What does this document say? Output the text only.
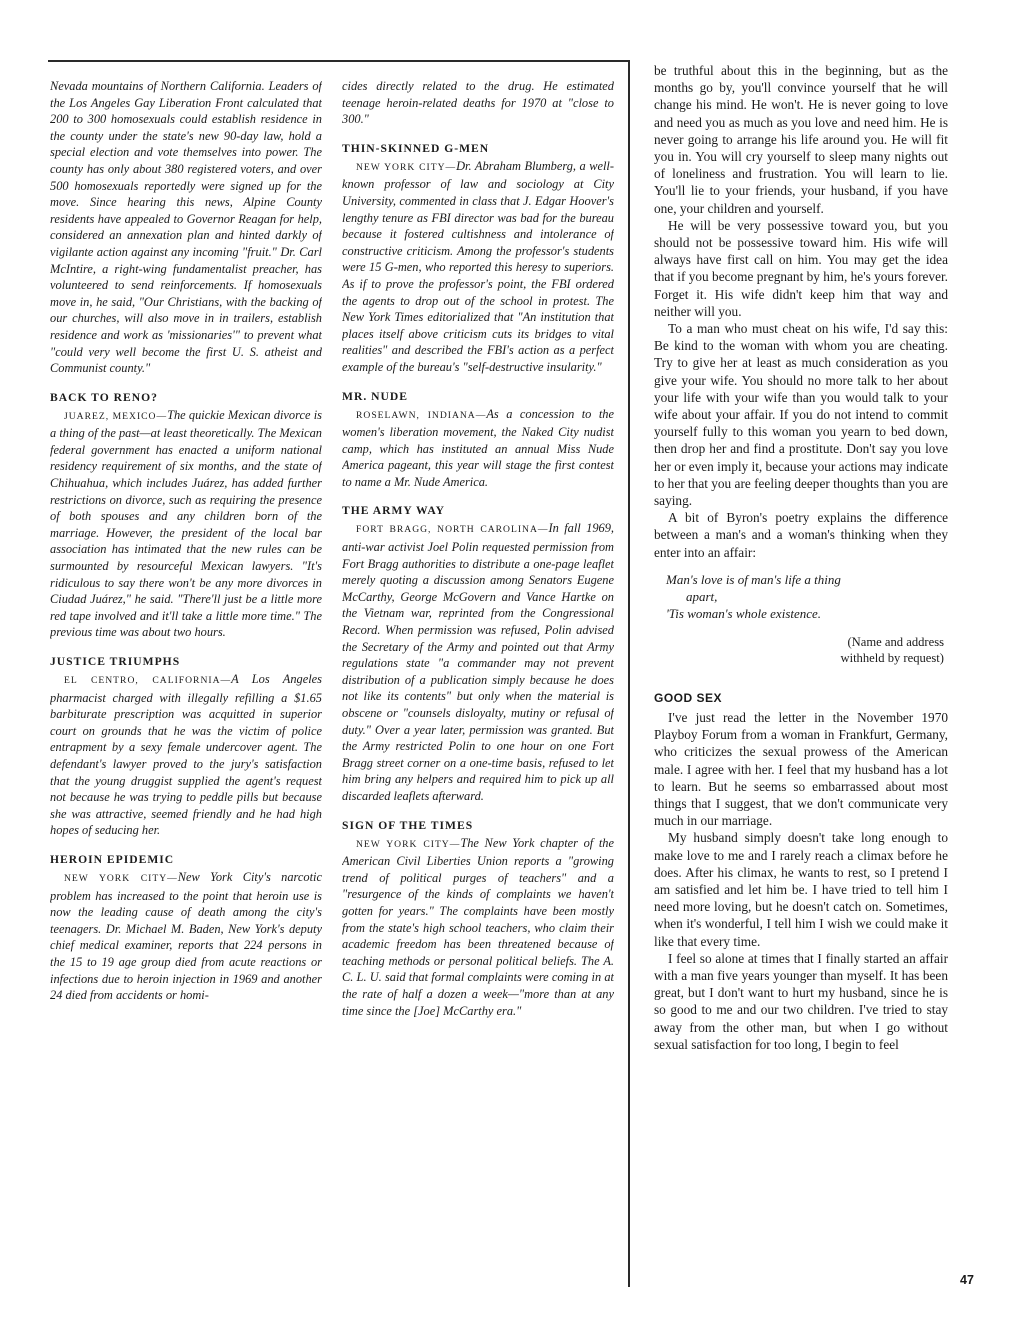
Nevada mountains of Northern California. Leaders of the Los Angeles Gay Liberation Front calculated that 200 to 300 homosexuals could establish residence in the county under the state's new 90-day law, hold a special election and vote themselves into power. The county has only about 380 registered voters, and over 500 homosexuals reportedly were signed up for the move. Since hearing this news, Alpine County residents have appealed to Governor Reagan for help, considered an annexation plan and hinted darkly of vigilante action against any incoming "fruit." Dr. Carl McIntire, a right-wing fundamentalist preacher, has volunteered to send reinforcements. If homosexuals move in, he said, "Our Christians, with the backing of our churches, will also move in in trailers, establish residence and work as 'missionaries'" to prevent what "could very well become the first U. S. atheist and Communist county."

BACK TO RENO?

JUAREZ, MEXICO—The quickie Mexican divorce is a thing of the past—at least theoretically. The Mexican federal government has enacted a uniform national residency requirement of six months, and the state of Chihuahua, which includes Juárez, has added further restrictions on divorce, such as requiring the presence of both spouses and any children born of the marriage. However, the president of the local bar association has intimated that the new rules can be surmounted by resourceful Mexican lawyers. "It's ridiculous to say there won't be any more divorces in Ciudad Juárez," he said. "There'll just be a little more red tape involved and it'll take a little more time." The previous time was about two hours.

JUSTICE TRIUMPHS

EL CENTRO, CALIFORNIA—A Los Angeles pharmacist charged with illegally refilling a $1.65 barbiturate prescription was acquitted in superior court on grounds that he was the victim of police entrapment by a sexy female undercover agent. The defendant's lawyer proved to the jury's satisfaction that the young druggist supplied the agent's request not because he was trying to peddle pills but because she was attractive, seemed friendly and he had high hopes of seducing her.

HEROIN EPIDEMIC

NEW YORK CITY—New York City's narcotic problem has increased to the point that heroin use is now the leading cause of death among the city's teenagers. Dr. Michael M. Baden, New York's deputy chief medical examiner, reports that 224 persons in the 15 to 19 age group died from acute reactions or infections due to heroin injection in 1969 and another 24 died from accidents or homi-

cides directly related to the drug. He estimated teenage heroin-related deaths for 1970 at "close to 300."

THIN-SKINNED G-MEN

NEW YORK CITY—Dr. Abraham Blumberg, a well-known professor of law and sociology at City University, commented in class that J. Edgar Hoover's lengthy tenure as FBI director was bad for the bureau because it fostered cultishness and intolerance of constructive criticism. Among the professor's students were 15 G-men, who reported this heresy to superiors. As if to prove the professor's point, the FBI ordered the agents to drop out of the school in protest. The New York Times editorialized that "An institution that places itself above criticism cuts its bridges to vital realities" and described the FBI's action as a perfect example of the bureau's "self-destructive insularity."

MR. NUDE

ROSELAWN, INDIANA—As a concession to the women's liberation movement, the Naked City nudist camp, which has instituted an annual Miss Nude America pageant, this year will stage the first contest to name a Mr. Nude America.

THE ARMY WAY

FORT BRAGG, NORTH CAROLINA—In fall 1969, anti-war activist Joel Polin requested permission from Fort Bragg authorities to distribute a one-page leaflet merely quoting a discussion among Senators Eugene McCarthy, George McGovern and Vance Hartke on the Vietnam war, reprinted from the Congressional Record. When permission was refused, Polin advised the Secretary of the Army and pointed out that Army regulations state "a commander may not prevent distribution of a publication simply because he does not like its contents" but only when the material is obscene or "counsels disloyalty, mutiny or refusal of duty." Over a year later, permission was granted. But the Army restricted Polin to one hour on one Fort Bragg street corner on a one-time basis, refused to let him bring any helpers and required him to pick up all discarded leaflets afterward.

SIGN OF THE TIMES

NEW YORK CITY—The New York chapter of the American Civil Liberties Union reports a "growing trend of political purges of teachers" and a "resurgence of the kinds of complaints we haven't gotten for years." The complaints have been mostly from the state's high school teachers, who claim their academic freedom has been threatened because of teaching methods or personal political beliefs. The A. C. L. U. said that formal complaints were coming in at the rate of half a dozen a week—"more than at any time since the [Joe] McCarthy era."

be truthful about this in the beginning, but as the months go by, you'll convince yourself that he will change his mind. He won't. He is never going to love and need you as much as you love and need him. He is never going to arrange his life around you. He will fit you in. You will cry yourself to sleep many nights out of loneliness and frustration. You will learn to lie. You'll lie to your friends, your husband, if you have one, your children and yourself.

He will be very possessive toward you, but you should not be possessive toward him. His wife will always have first call on him. You may get the idea that if you become pregnant by him, he's yours forever. Forget it. His wife didn't keep him that way and neither will you.

To a man who must cheat on his wife, I'd say this: Be kind to the woman with whom you are cheating. Try to give her at least as much consideration as you give your wife. You should no more talk to her about your life with your wife than you would talk to your wife about your affair. If you do not intend to commit yourself fully to this woman you yearn to bed down, then drop her and find a prostitute. Don't say you love her or even imply it, because your actions may indicate to her that you are feeling deeper thoughts than you are saying.

A bit of Byron's poetry explains the difference between a man's and a woman's thinking when they enter into an affair:

Man's love is of man's life a thing

apart,
'Tis woman's whole existence.
(Name and address
withheld by request)
GOOD SEX

I've just read the letter in the November 1970 Playboy Forum from a woman in Frankfurt, Germany, who criticizes the sexual prowess of the American male. I agree with her. I feel that my husband has a lot to learn. But he seems so embarrassed about most things that I suggest, that we don't communicate very much in our marriage.

My husband simply doesn't take long enough to make love to me and I rarely reach a climax before he does. After his climax, he wants to rest, so I pretend I am satisfied and let him be. I have tried to tell him I need more loving, but he doesn't catch on. Sometimes, when it's wonderful, I tell him I wish we could make it like that every time.

I feel so alone at times that I finally started an affair with a man five years younger than myself. It has been great, but I don't want to hurt my husband, since he is so good to me and our two children. I've tried to stay away from the other man, but when I go without sexual satisfaction for too long, I begin to feel

47
